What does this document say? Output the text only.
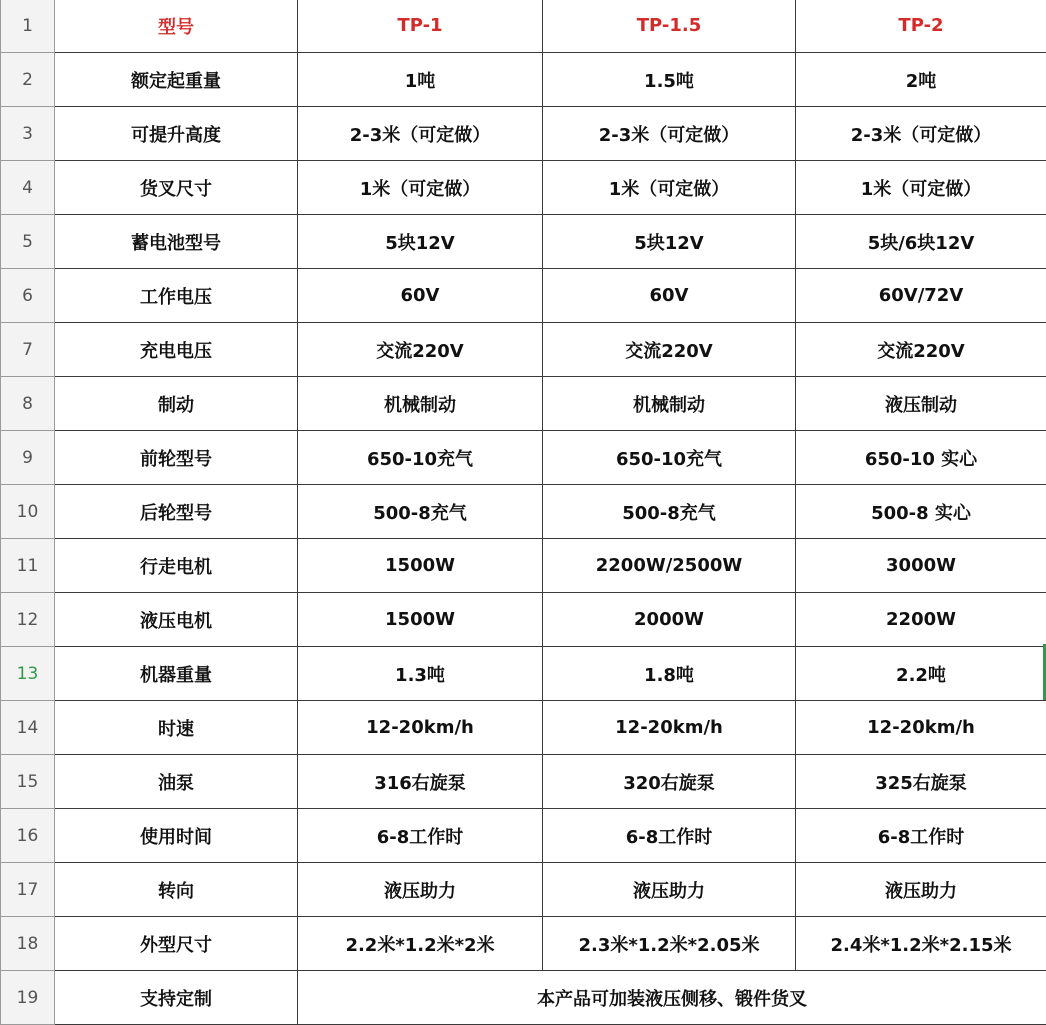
1	型号	TP-1	TP-1.5	TP-2
2	额定起重量	1吨	1.5吨	2吨
3	可提升高度	2-3米（可定做）	2-3米（可定做）	2-3米（可定做）
4	货叉尺寸	1米（可定做）	1米（可定做）	1米（可定做）
5	蓄电池型号	5块12V	5块12V	5块/6块12V
6	工作电压	60V	60V	60V/72V
7	充电电压	交流220V	交流220V	交流220V
8	制动	机械制动	机械制动	液压制动
9	前轮型号	650-10充气	650-10充气	650-10 实心
10	后轮型号	500-8充气	500-8充气	500-8 实心
11	行走电机	1500W	2200W/2500W	3000W
12	液压电机	1500W	2000W	2200W
13	机器重量	1.3吨	1.8吨	2.2吨
14	时速	12-20km/h	12-20km/h	12-20km/h
15	油泵	316右旋泵	320右旋泵	325右旋泵
16	使用时间	6-8工作时	6-8工作时	6-8工作时
17	转向	液压助力	液压助力	液压助力
18	外型尺寸	2.2米*1.2米*2米	2.3米*1.2米*2.05米	2.4米*1.2米*2.15米
19	支持定制	本产品可加装液压侧移、锻件货叉		
